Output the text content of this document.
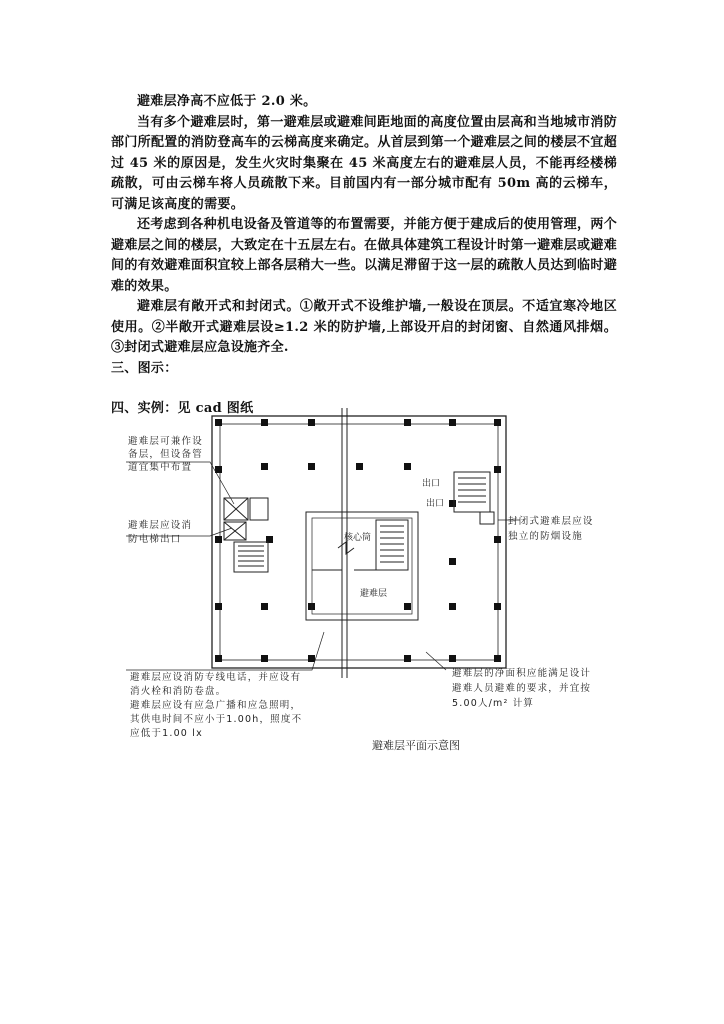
避难层净高不应低于 2.0 米。

当有多个避难层时，第一避难层或避难间距地面的高度位置由层高和当地城市消防部门所配置的消防登高车的云梯高度来确定。从首层到第一个避难层之间的楼层不宜超过 45 米的原因是，发生火灾时集聚在 45 米高度左右的避难层人员，不能再经楼梯疏散，可由云梯车将人员疏散下来。目前国内有一部分城市配有 50m 高的云梯车，可满足该高度的需要。

还考虑到各种机电设备及管道等的布置需要，并能方便于建成后的使用管理，两个避难层之间的楼层，大致定在十五层左右。在做具体建筑工程设计时第一避难层或避难间的有效避难面积宜较上部各层稍大一些。以满足滞留于这一层的疏散人员达到临时避难的效果。

避难层有敞开式和封闭式。①敞开式不设维护墙,一般设在顶层。不适宜寒冷地区使用。②半敞开式避难层设≥1.2 米的防护墙,上部设开启的封闭窗、自然通风排烟。③封闭式避难层应急设施齐全.

三、图示：

四、实例：见 cad 图纸

避难层可兼作设
备层，但设备管
道宜集中布置
避难层应设消
防电梯出口
封闭式避难层应设
独立的防烟设施
出口
出口
核心筒
避难层
避难层应设消防专线电话，并应设有
消火栓和消防卷盘。
避难层应设有应急广播和应急照明，
其供电时间不应小于1.00h，照度不
应低于1.00 lx
避难层的净面积应能满足设计
避难人员避难的要求，并宜按
5.00人/m² 计算
避难层平面示意图
